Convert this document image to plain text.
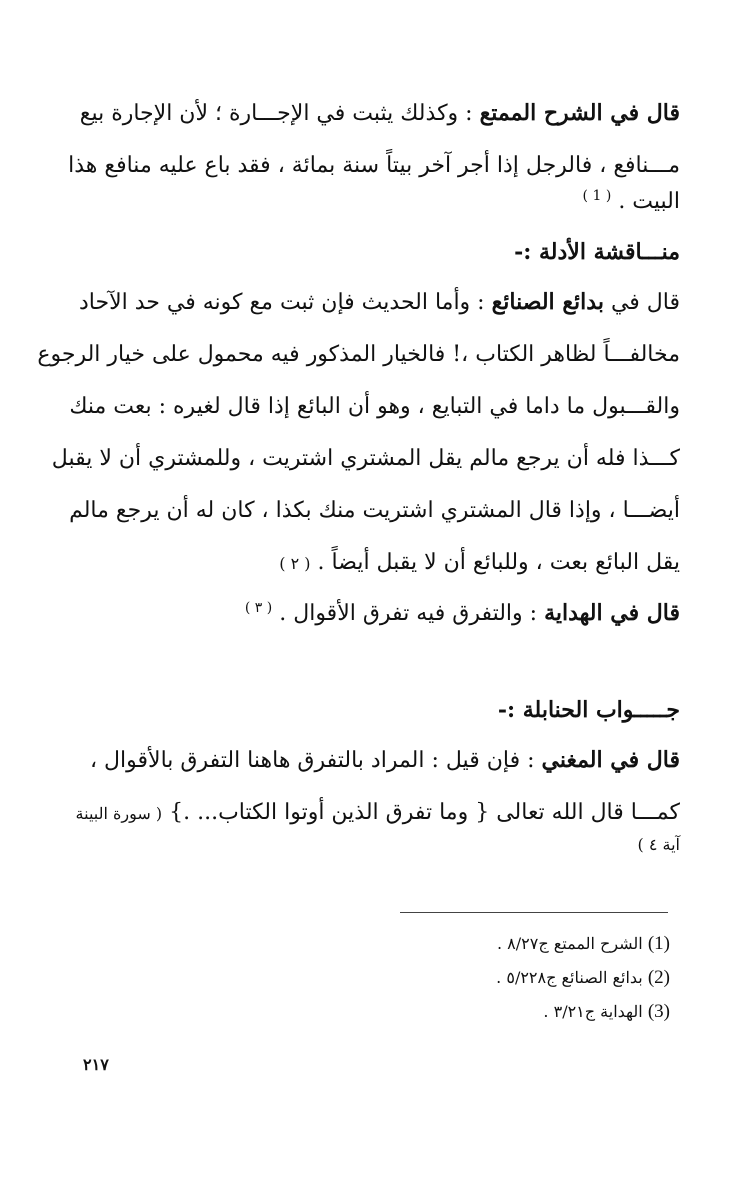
قال في الشرح الممتع : وكذلك يثبت في الإجـــارة ؛ لأن الإجارة بيع

مـــنافع ، فالرجل إذا أجر آخر بيتاً سنة بمائة ، فقد باع عليه منافع هذا

البيت . $^{( 1 )}$

منـــاقشة الأدلة :-

قال في بدائع الصنائع : وأما الحديث فإن ثبت مع كونه في حد الآحاد

مخالفـــاً لظاهر الكتاب ،! فالخيار المذكور فيه محمول على خيار الرجوع

والقـــبول ما داما في التبايع ، وهو أن البائع إذا قال لغيره : بعت منك

كـــذا فله أن يرجع مالم يقل المشتري اشتريت ، وللمشتري أن لا يقبل

أيضـــا ، وإذا قال المشتري اشتريت منك بكذا ، كان له أن يرجع مالم

يقل البائع بعت ، وللبائع أن لا يقبل أيضاً . ( ٢ )

قال في الهداية : والتفرق فيه تفرق الأقوال . $^{( ٣ )}$

جـــــواب الحنابلة :-

قال في المغني : فإن قيل : المراد بالتفرق هاهنا التفرق بالأقوال ،

كمـــا قال الله تعالى { وما تفرق الذين أوتوا الكتاب... .} ( سورة البينة

آية ٤ )

(1) الشرح الممتع ج٨/٢٧ .
(2) بدائع الصنائع ج٥/٢٢٨ .
(3) الهداية ج٣/٢١ .
٢١٧
